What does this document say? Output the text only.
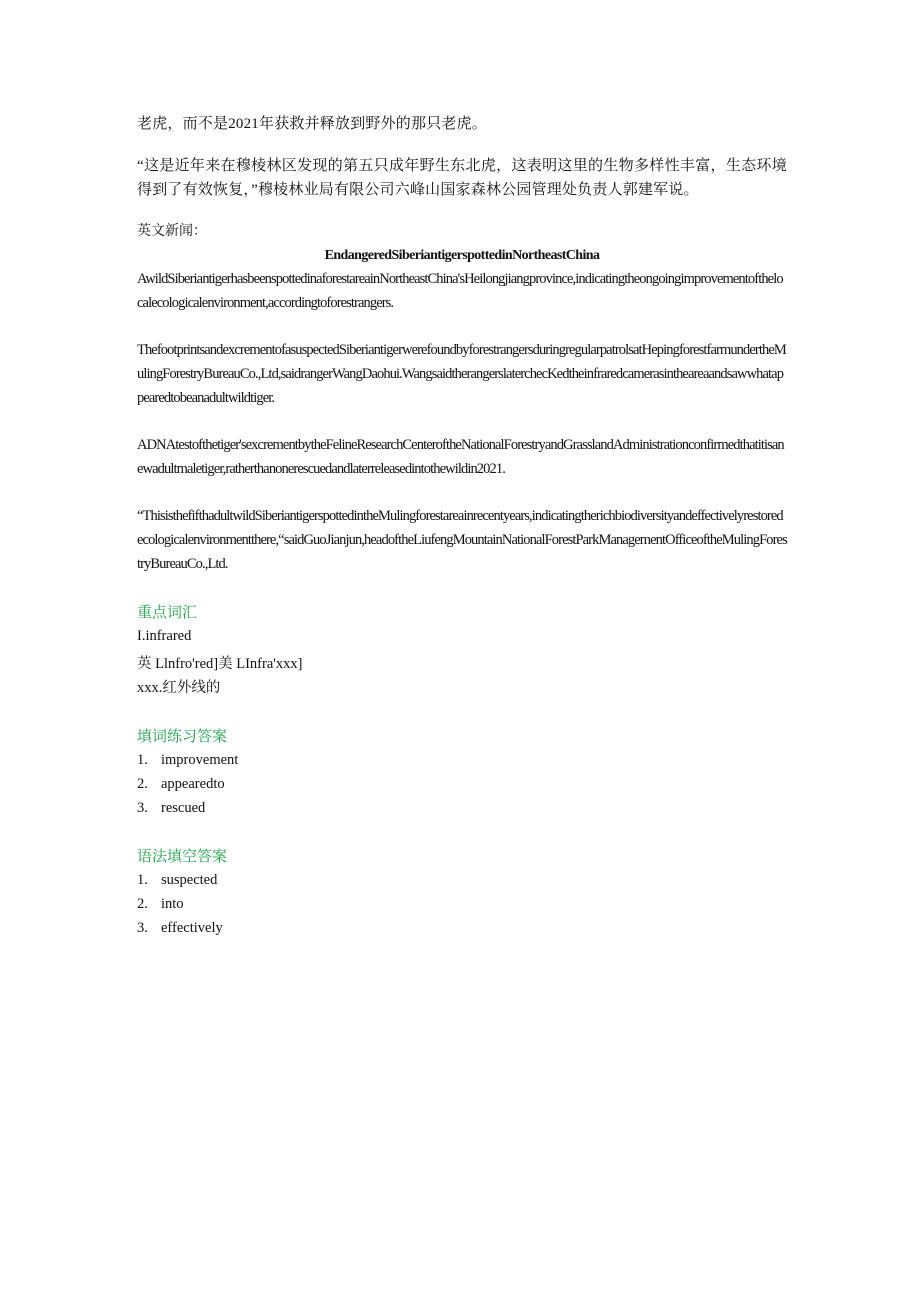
老虎，而不是2021年获救并释放到野外的那只老虎。

“这是近年来在穆棱林区发现的第五只成年野生东北虎，这表明这里的生物多样性丰富，生态环境得到了有效恢复，”穆棱林业局有限公司六峰山国家森林公园管理处负责人郭建军说。

英文新闻：

EndangeredSiberiantigerspottedinNortheastChina

AwildSiberiantigerhasbeenspottedinaforestareainNortheastChina'sHeilongjiangprovince,indicatingtheongoingimprovementofthelocalecologicalenvironment,accordingtoforestrangers.

ThefootprintsandexcrementofasuspectedSiberiantigerwerefoundbyforestrangersduringregularpatrolsatHepingforestfarmundertheMulingForestryBureauCo.,Ltd,saidrangerWangDaohui.WangsaidtherangerslaterchecKedtheinfraredcamerasintheareaandsawwhatappearedtobeanadultwildtiger.

ADNAtestofthetiger'sexcrementbytheFelineResearchCenteroftheNationalForestryandGrasslandAdministrationconfirmedthatitisanewadultmaletiger,ratherthanonerescuedandlaterreleasedintothewildin2021.

“ThisisthefifthadultwildSiberiantigerspottedintheMulingforestareainrecentyears,indicatingtherichbiodiversityandeffectivelyrestoredecologicalenvironmentthere,“saidGuoJianjun,headoftheLiufengMountainNationalForestParkManagementOfficeoftheMulingForestryBureauCo.,Ltd.

重点词汇

I.infrared

英 Llnfro'red]美 LInfra'xxx]

xxx.红外线的

填词练习答案

1. improvement
2. appearedto
3. rescued

语法填空答案

1. suspected
2. into
3. effectively
